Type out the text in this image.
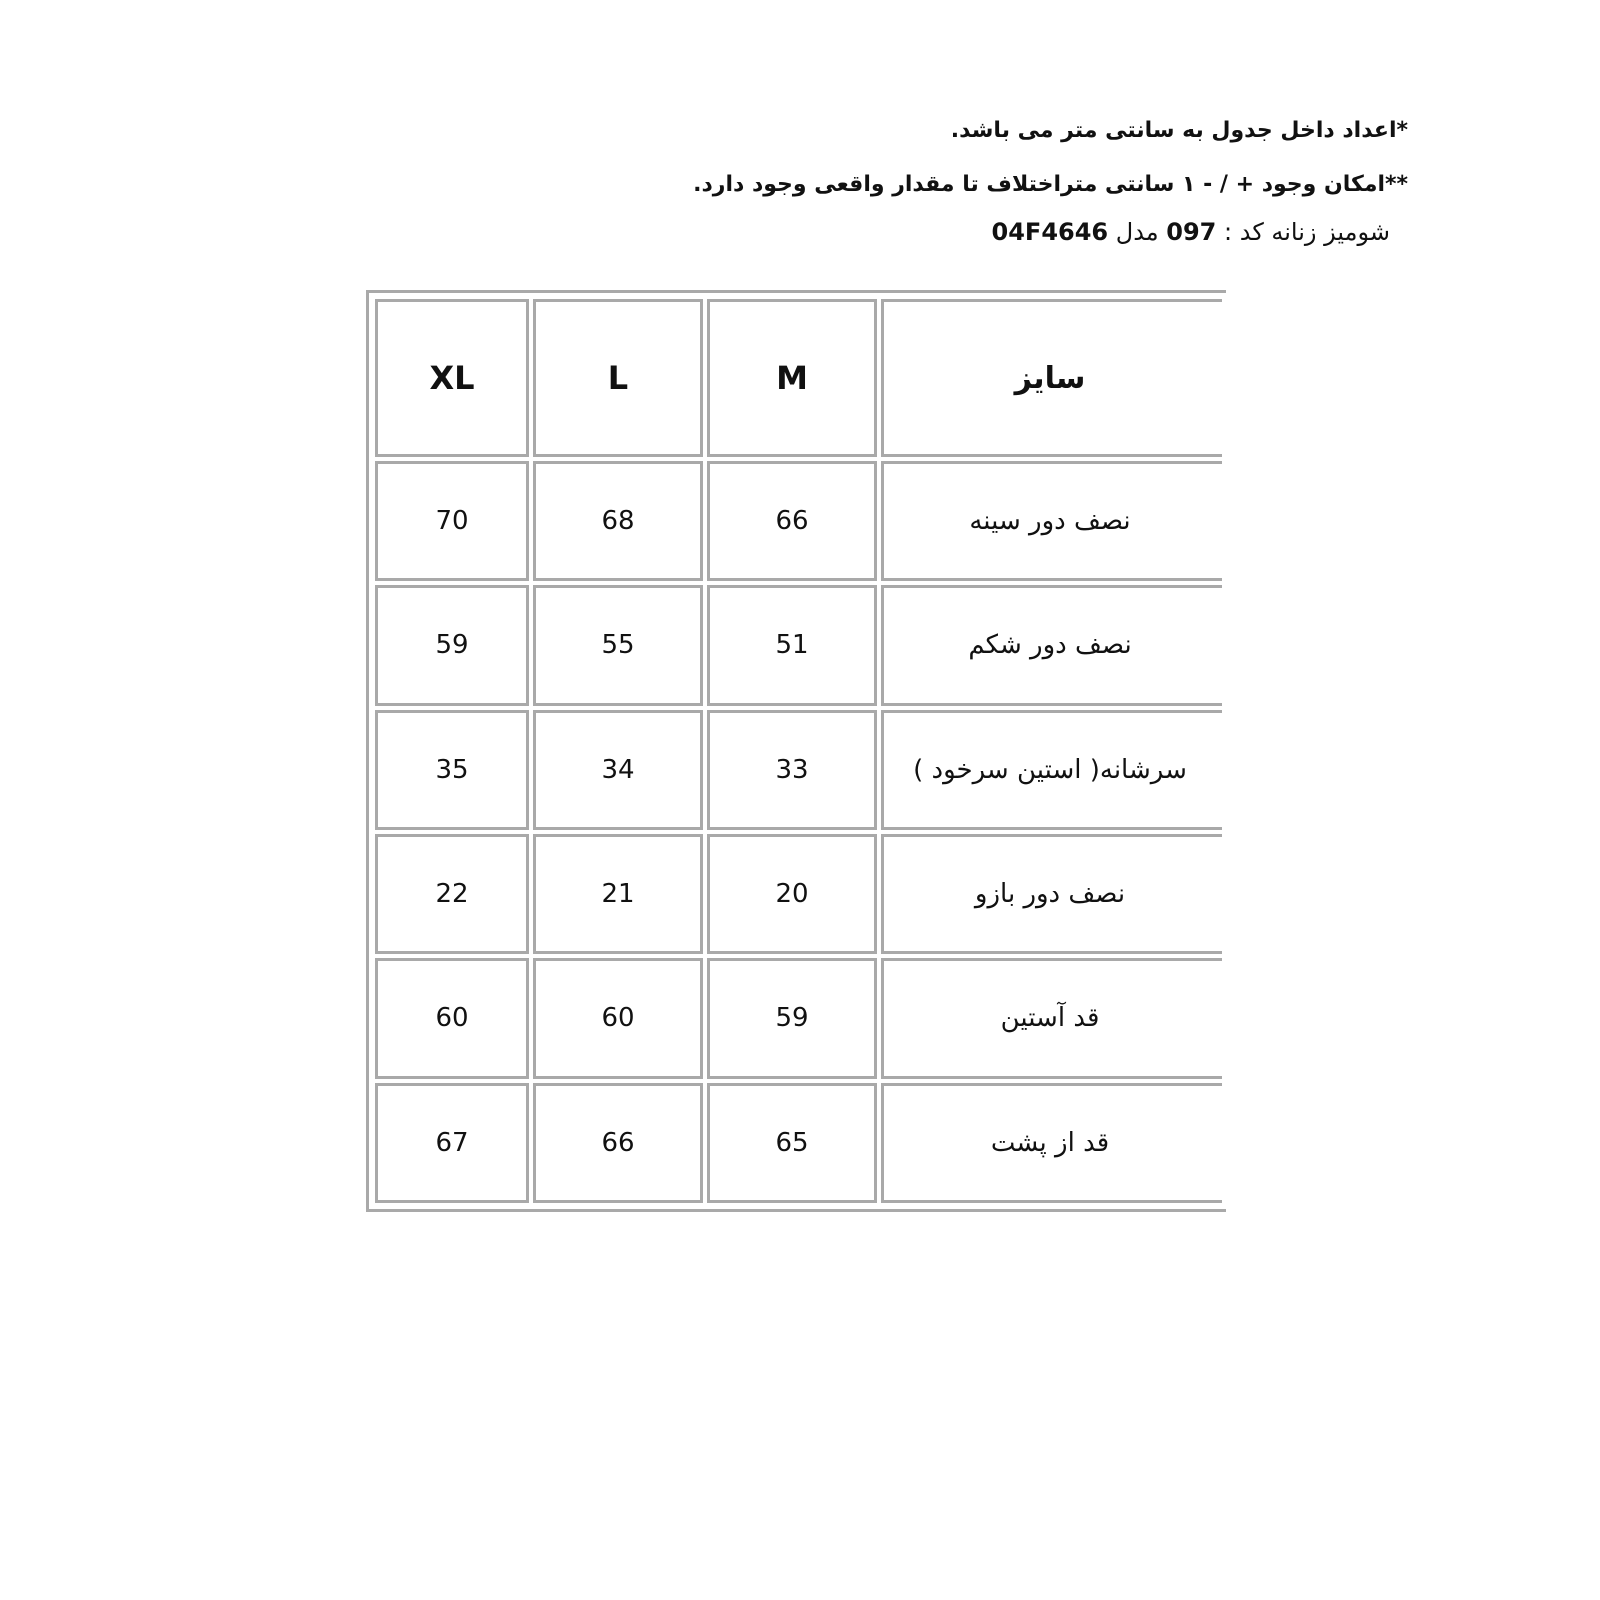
*اعداد داخل جدول به سانتی متر می باشد.
**امکان وجود + / - ۱ سانتی متراختلاف تا مقدار واقعی وجود دارد.
شومیز زنانه کد : 097 مدل 04F4646
XL	L	M	سایز
70	68	66	نصف دور سینه
59	55	51	نصف دور شکم
35	34	33	سرشانه( استین سرخود )
22	21	20	نصف دور بازو
60	60	59	قد آستین
67	66	65	قد از پشت
